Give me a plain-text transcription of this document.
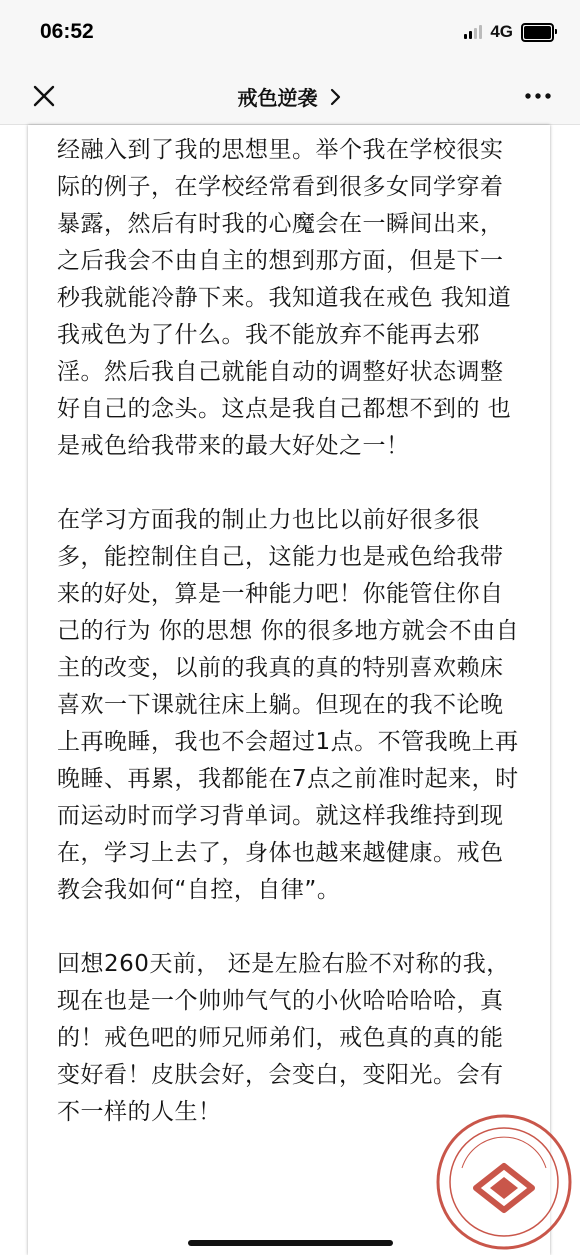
06:52	4G
戒色逆袭

经融入到了我的思想里。举个我在学校很实际的例子，在学校经常看到很多女同学穿着暴露，然后有时我的心魔会在一瞬间出来，之后我会不由自主的想到那方面，但是下一秒我就能冷静下来。我知道我在戒色 我知道我戒色为了什么。我不能放弃不能再去邪淫。然后我自己就能自动的调整好状态调整好自己的念头。这点是我自己都想不到的 也是戒色给我带来的最大好处之一！

在学习方面我的制止力也比以前好很多很多，能控制住自己，这能力也是戒色给我带来的好处，算是一种能力吧！你能管住你自己的行为 你的思想 你的很多地方就会不由自主的改变，以前的我真的真的特别喜欢赖床喜欢一下课就往床上躺。但现在的我不论晚上再晚睡，我也不会超过1点。不管我晚上再晚睡、再累，我都能在7点之前准时起来，时而运动时而学习背单词。就这样我维持到现在，学习上去了，身体也越来越健康。戒色教会我如何“自控，自律”。

回想260天前， 还是左脸右脸不对称的我，现在也是一个帅帅气气的小伙哈哈哈哈，真的！戒色吧的师兄师弟们，戒色真的真的能变好看！皮肤会好，会变白，变阳光。会有不一样的人生！
